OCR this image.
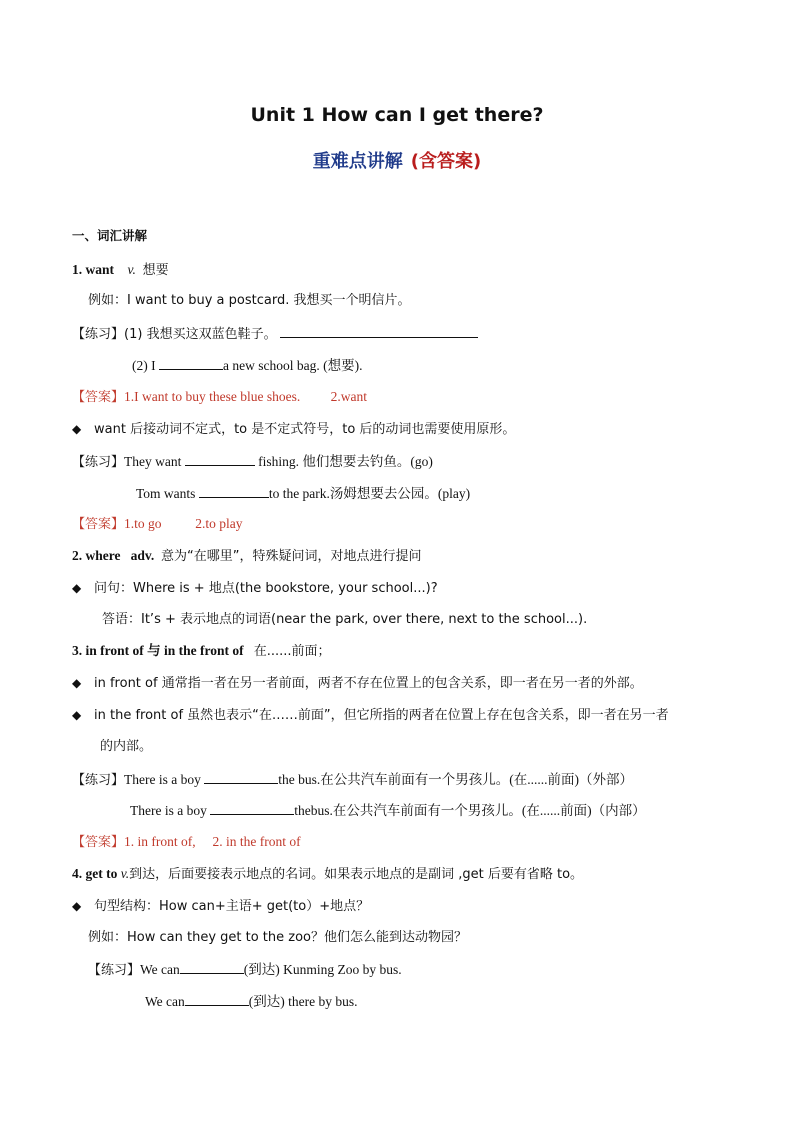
Unit 1 How can I get there?
重难点讲解 (含答案)
一、词汇讲解
1. want v. 想要
例如：I want to buy a postcard. 我想买一个明信片。
【练习】(1) 我想买这双蓝色鞋子。
(2) I	a new school bag. (想要).
【答案】1.I want to buy these blue shoes.         2.want
◆ want 后接动词不定式，to 是不定式符号，to 后的动词也需要使用原形。
【练习】They want	fishing. 他们想要去钓鱼。(go)
Tom wants	to the park.汤姆想要去公园。(play)
【答案】1.to go          2.to play
2. where adv. 意为“在哪里”，特殊疑问词，对地点进行提问
◆ 问句：Where is + 地点(the bookstore, your school...)?
答语：It’s + 表示地点的词语(near the park, over there, next to the school...).
3. in front of 与 in the front of 在......前面；
◆ in front of 通常指一者在另一者前面，两者不存在位置上的包含关系，即一者在另一者的外部。
◆ in the front of 虽然也表示“在……前面”，但它所指的两者在位置上存在包含关系，即一者在另一者
的内部。
【练习】There is a boy	the bus.在公共汽车前面有一个男孩儿。(在......前面)（外部）
There is a boy	thebus.在公共汽车前面有一个男孩儿。(在......前面)（内部）
【答案】1. in front of,     2. in the front of
4. get to v.到达，后面要接表示地点的名词。如果表示地点的是副词 ,get 后要有省略 to。
◆ 句型结构：How can+主语+ get(to）+地点？
例如：How can they get to the zoo？他们怎么能到达动物园？
【练习】We can	(到达) Kunming Zoo by bus.
We can	(到达) there by bus.
